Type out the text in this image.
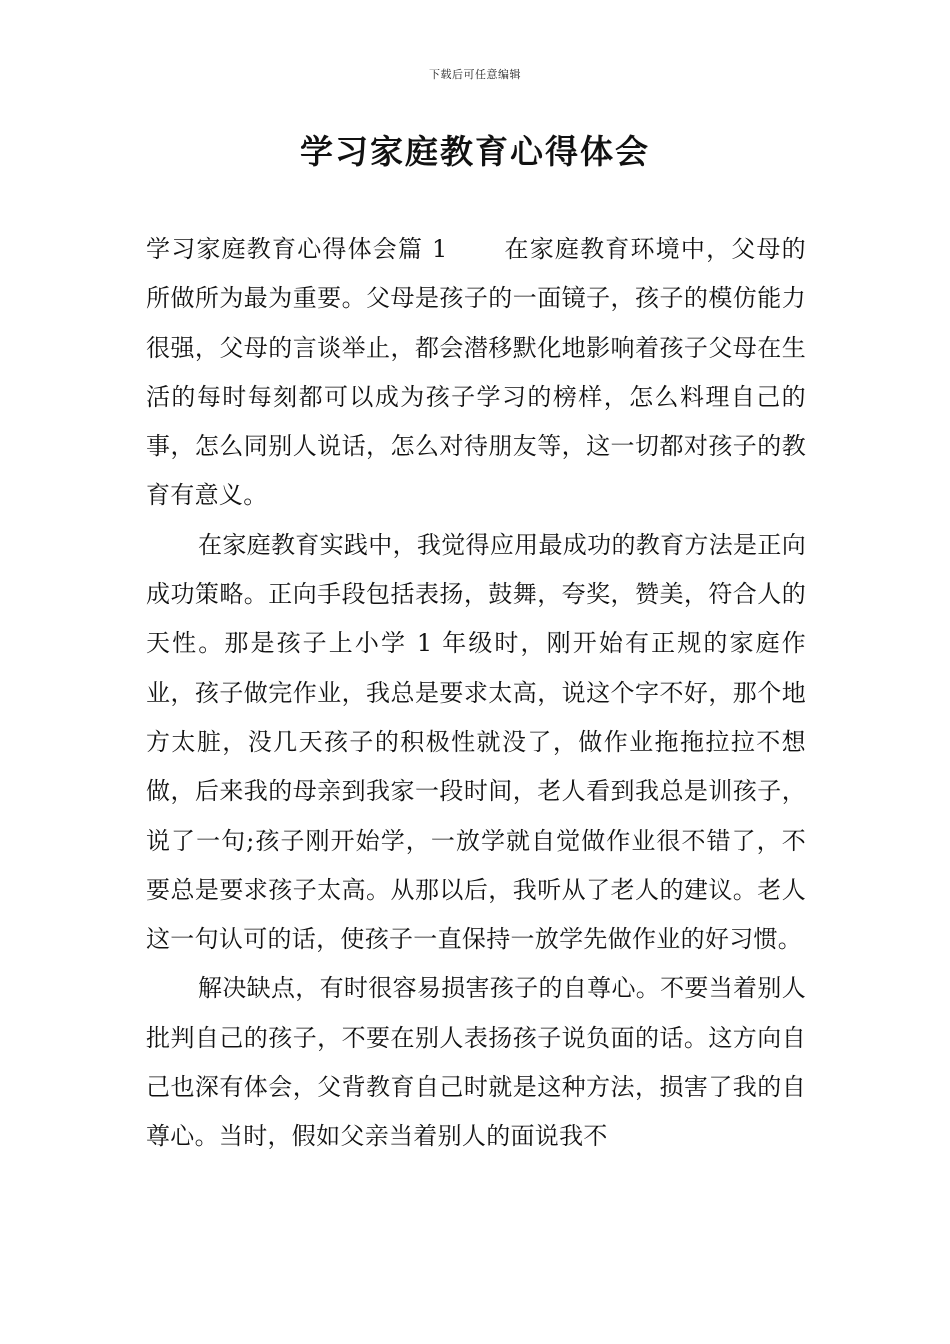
下载后可任意编辑
学习家庭教育心得体会

学习家庭教育心得体会篇 1 在家庭教育环境中，父母的所做所为最为重要。父母是孩子的一面镜子，孩子的模仿能力很强，父母的言谈举止，都会潜移默化地影响着孩子父母在生活的每时每刻都可以成为孩子学习的榜样，怎么料理自己的事，怎么同别人说话，怎么对待朋友等，这一切都对孩子的教育有意义。

在家庭教育实践中，我觉得应用最成功的教育方法是正向成功策略。正向手段包括表扬，鼓舞，夸奖，赞美，符合人的天性。那是孩子上小学 1 年级时，刚开始有正规的家庭作业，孩子做完作业，我总是要求太高，说这个字不好，那个地方太脏，没几天孩子的积极性就没了，做作业拖拖拉拉不想做，后来我的母亲到我家一段时间，老人看到我总是训孩子，说了一句;孩子刚开始学，一放学就自觉做作业很不错了，不要总是要求孩子太高。从那以后，我听从了老人的建议。老人这一句认可的话，使孩子一直保持一放学先做作业的好习惯。

解决缺点，有时很容易损害孩子的自尊心。不要当着别人批判自己的孩子，不要在别人表扬孩子说负面的话。这方向自己也深有体会，父背教育自己时就是这种方法，损害了我的自尊心。当时，假如父亲当着别人的面说我不
